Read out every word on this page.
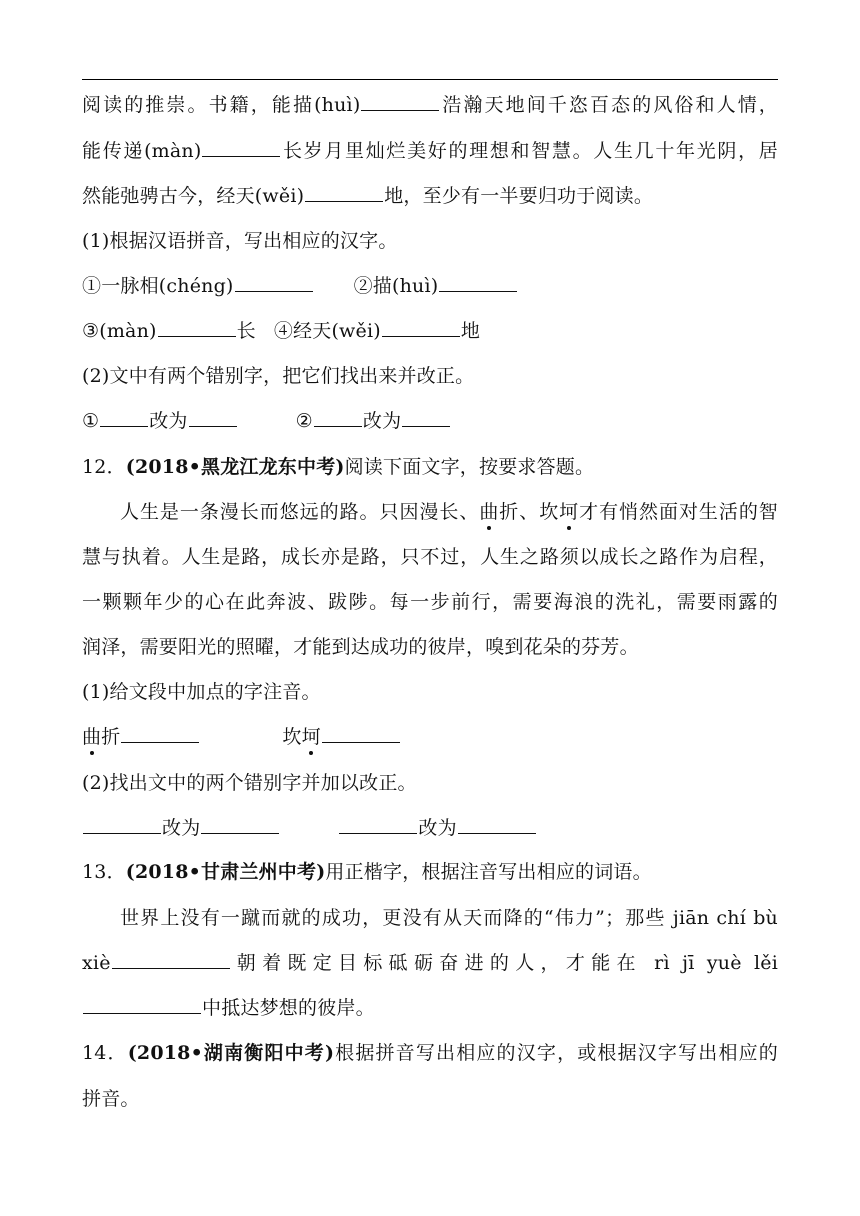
阅读的推崇。书籍，能描(huì)	浩瀚天地间千恣百态的风俗和人情，
能传递(màn)	长岁月里灿烂美好的理想和智慧。人生几十年光阴，居
然能弛骋古今，经天(wěi)	地，至少有一半要归功于阅读。
(1)根据汉语拼音，写出相应的汉字。
①一脉相(chéng)	②描(huì)
③(màn)	长 ④经天(wěi)	地
(2)文中有两个错别字，把它们找出来并改正。
①	改为	②	改为
12．(2018•黑龙江龙东中考)阅读下面文字，按要求答题。
人生是一条漫长而悠远的路。只因漫长、曲折、坎坷才有悄然面对生活的智
慧与执着。人生是路，成长亦是路，只不过，人生之路须以成长之路作为启程，
一颗颗年少的心在此奔波、跋陟。每一步前行，需要海浪的洗礼，需要雨露的
润泽，需要阳光的照曜，才能到达成功的彼岸，嗅到花朵的芬芳。
(1)给文段中加点的字注音。
曲折	坎坷
(2)找出文中的两个错别字并加以改正。
改为	改为
13．(2018•甘肃兰州中考)用正楷字，根据注音写出相应的词语。
世界上没有一蹴而就的成功，更没有从天而降的“伟力”；那些 jiān chí bù
xiè	朝着既定目标砥砺奋进的人，才能在 rì jī yuè lěi
中抵达梦想的彼岸。
14．(2018•湖南衡阳中考)根据拼音写出相应的汉字，或根据汉字写出相应的
拼音。
